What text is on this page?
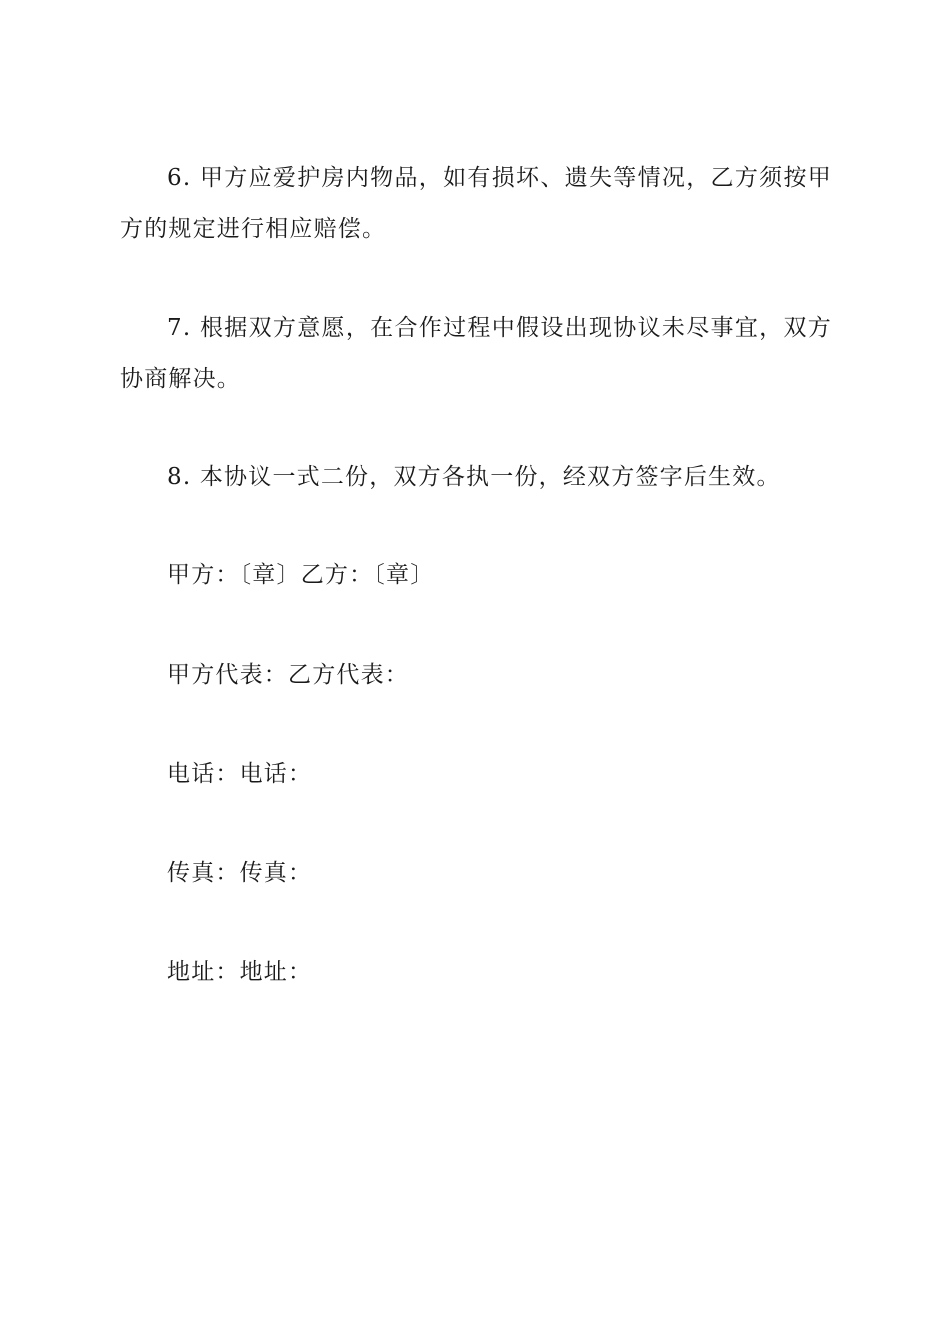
6. 甲方应爱护房内物品，如有损坏、遗失等情况，乙方须按甲方的规定进行相应赔偿。

7. 根据双方意愿，在合作过程中假设出现协议未尽事宜，双方协商解决。

8. 本协议一式二份，双方各执一份，经双方签字后生效。

甲方：〔章〕乙方：〔章〕

甲方代表：乙方代表：

电话：电话：

传真：传真：

地址：地址：
